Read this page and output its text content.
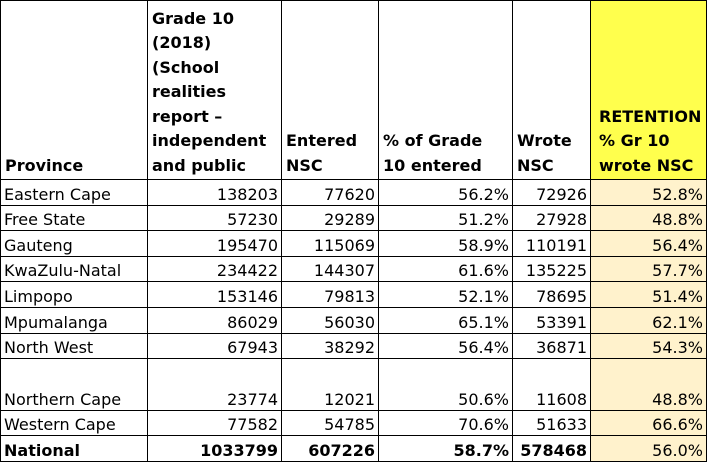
Province	Grade 10 (2018) (School realities report – independent and public	Entered NSC	% of Grade 10 entered	Wrote NSC	RETENTION % Gr 10 wrote NSC

Eastern Cape	138203	77620	56.2%	72926	52.8%
Free State	57230	29289	51.2%	27928	48.8%
Gauteng	195470	115069	58.9%	110191	56.4%
KwaZulu-Natal	234422	144307	61.6%	135225	57.7%
Limpopo	153146	79813	52.1%	78695	51.4%
Mpumalanga	86029	56030	65.1%	53391	62.1%
North West	67943	38292	56.4%	36871	54.3%
Northern Cape	23774	12021	50.6%	11608	48.8%
Western Cape	77582	54785	70.6%	51633	66.6%
National	1033799	607226	58.7%	578468	56.0%
